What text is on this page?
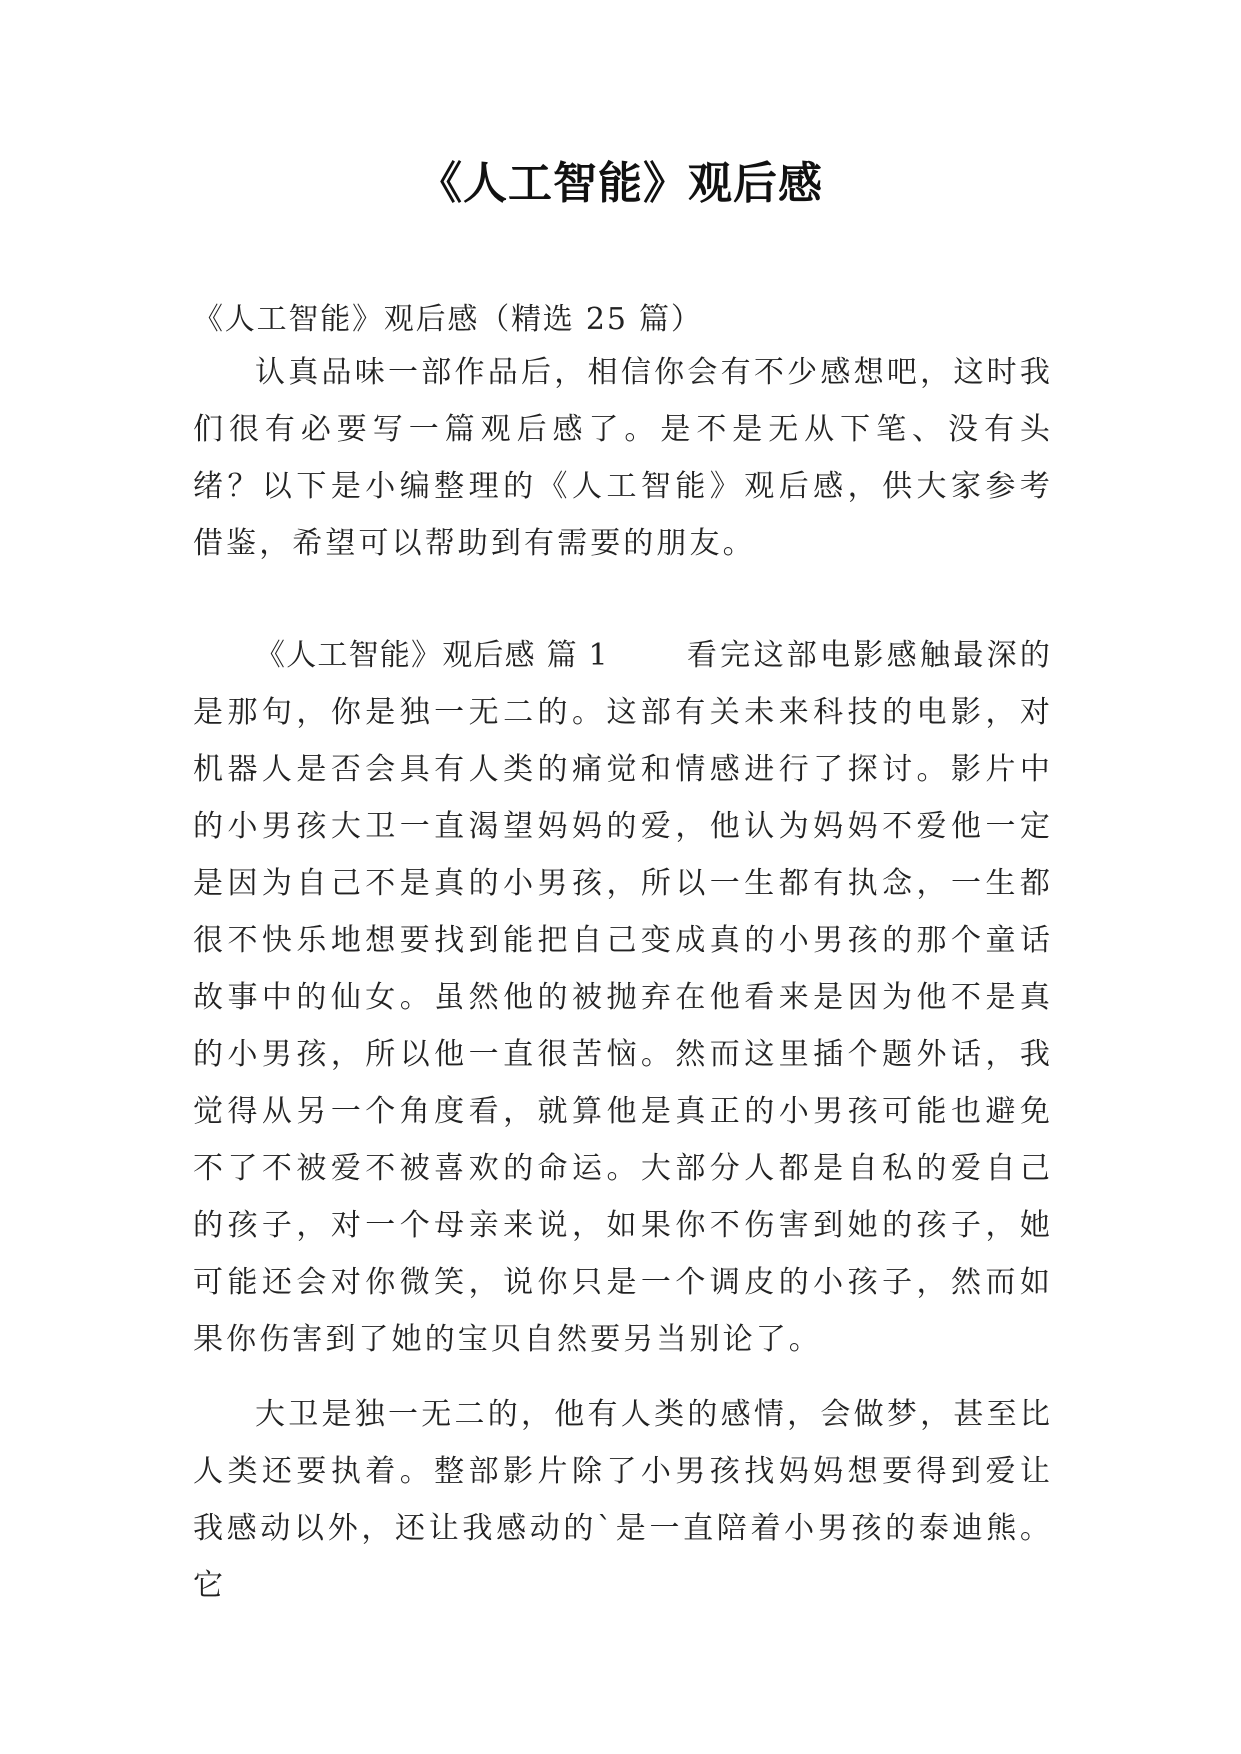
《人工智能》观后感
《人工智能》观后感（精选 25 篇）

认真品味一部作品后，相信你会有不少感想吧，这时我们很有必要写一篇观后感了。是不是无从下笔、没有头绪？以下是小编整理的《人工智能》观后感，供大家参考借鉴，希望可以帮助到有需要的朋友。

《人工智能》观后感 篇 1	看完这部电影感触最深的是那句，你是独一无二的。这部有关未来科技的电影，对机器人是否会具有人类的痛觉和情感进行了探讨。影片中的小男孩大卫一直渴望妈妈的爱，他认为妈妈不爱他一定是因为自己不是真的小男孩，所以一生都有执念，一生都很不快乐地想要找到能把自己变成真的小男孩的那个童话故事中的仙女。虽然他的被抛弃在他看来是因为他不是真的小男孩，所以他一直很苦恼。然而这里插个题外话，我觉得从另一个角度看，就算他是真正的小男孩可能也避免不了不被爱不被喜欢的命运。大部分人都是自私的爱自己的孩子，对一个母亲来说，如果你不伤害到她的孩子，她可能还会对你微笑，说你只是一个调皮的小孩子，然而如果你伤害到了她的宝贝自然要另当别论了。

大卫是独一无二的，他有人类的感情，会做梦，甚至比人类还要执着。整部影片除了小男孩找妈妈想要得到爱让我感动以外，还让我感动的`是一直陪着小男孩的泰迪熊。它
